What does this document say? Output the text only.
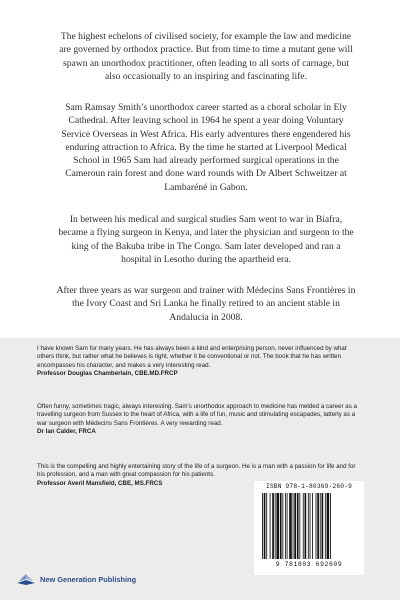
The highest echelons of civilised society, for example the law and medicine are governed by orthodox practice. But from time to time a mutant gene will spawn an unorthodox practitioner, often leading to all sorts of carnage, but also occasionally to an inspiring and fascinating life.

Sam Ramsay Smith’s unorthodox career started as a choral scholar in Ely Cathedral. After leaving school in 1964 he spent a year doing Voluntary Service Overseas in West Africa. His early adventures there engendered his enduring attraction to Africa. By the time he started at Liverpool Medical School in 1965 Sam had already performed surgical operations in the Cameroun rain forest and done ward rounds with Dr Albert Schweitzer at Lambaréné in Gabon.

In between his medical and surgical studies Sam went to war in Biafra, became a flying surgeon in Kenya, and later the physician and surgeon to the king of the Bakuba tribe in The Congo. Sam later developed and ran a hospital in Lesotho during the apartheid era.

After three years as war surgeon and trainer with Médecins Sans Frontières in the Ivory Coast and Sri Lanka he finally retired to an ancient stable in Andalucia in 2008.

I have known Sam for many years. He has always been a kind and enterprising person, never influenced by what others think, but rather what he believes is right, whether it be conventional or not. The book that he has written encompasses his character, and makes a very interesting read.
Professor Douglas Chamberlain, CBE.MD.FRCP
Often funny, sometimes tragic, always interesting. Sam’s unorthodox approach to medicine has melded a career as a travelling surgeon from Sussex to the heart of Africa, with a life of fun, music and stimulating escapades, latterly as a war surgeon with Médecins Sans Frontières. A very rewarding read.
Dr Ian Calder, FRCA
This is the compelling and highly entertaining story of the life of a surgeon. He is a man with a passion for life and for his profession, and a man with great compassion for his patients.
Professor Averil Mansfield, CBE, MS.FRCS	ISBN 978-1-80369-260-9
9 781803 692609
New Generation Publishing
